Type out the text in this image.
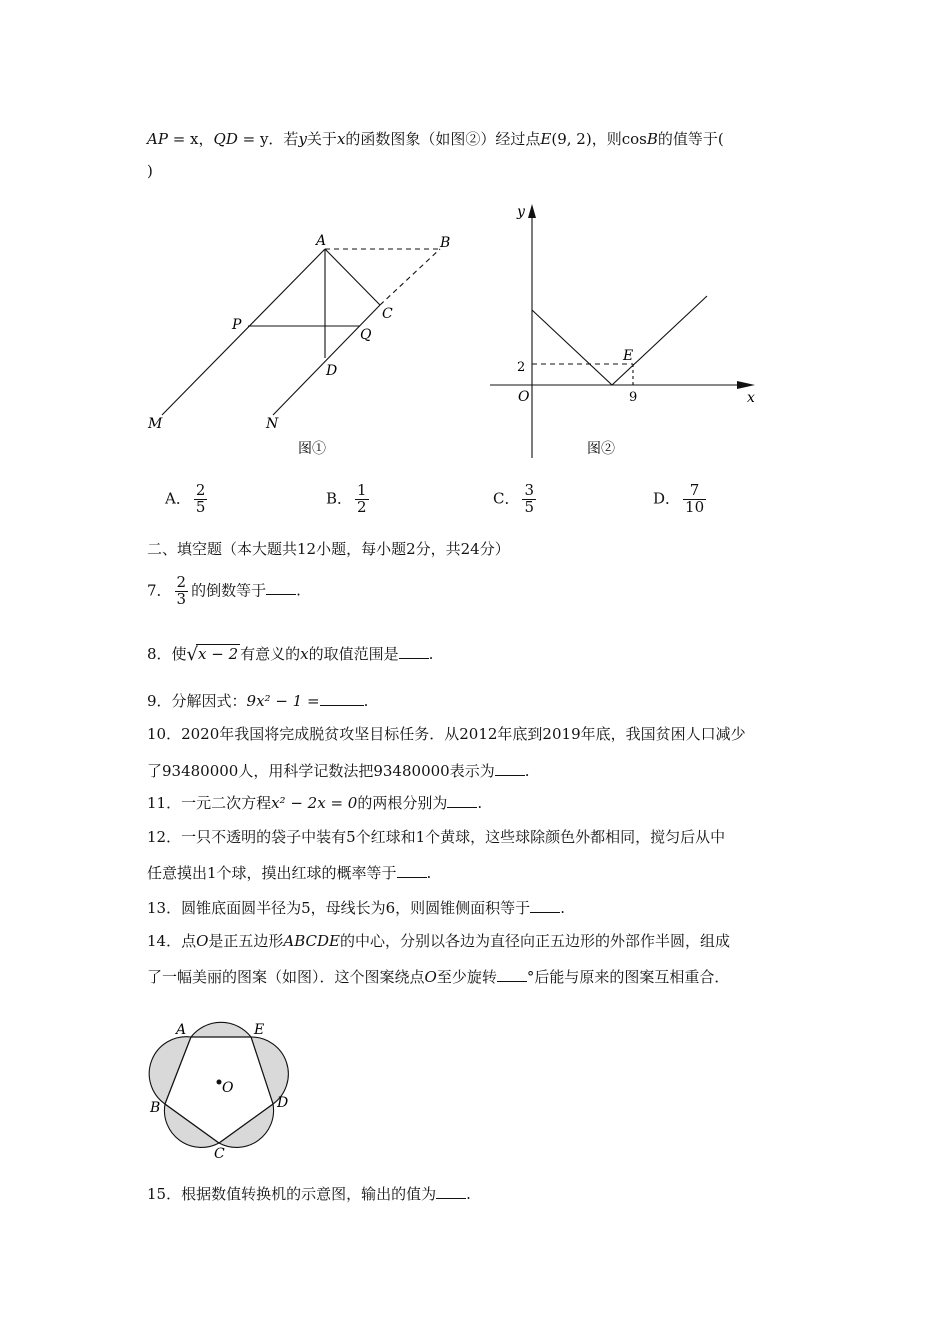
AP = x，QD = y．若y关于x的函数图象（如图②）经过点E(9, 2)，则cosB的值等于(
)
A	B
C
P
Q
D
M	N
图①
y
x
O
E
2
9
图②
A． $\frac{2}{5}$	B． $\frac{1}{2}$	C． $\frac{3}{5}$	D． $\frac{7}{10}$
二、填空题（本大题共12小题，每小题2分，共24分）
7． $\frac{2}{3}$ 的倒数等于 .
8．使√x − 2 有意义的x的取值范围是 .
9．分解因式：9x² − 1 =	.
10．2020年我国将完成脱贫攻坚目标任务．从2012年底到2019年底，我国贫困人口减少
了93480000人，用科学记数法把93480000表示为 .
11．一元二次方程x² − 2x = 0的两根分别为 .
12．一只不透明的袋子中装有5个红球和1个黄球，这些球除颜色外都相同，搅匀后从中
任意摸出1个球，摸出红球的概率等于 .
13．圆锥底面圆半径为5，母线长为6，则圆锥侧面积等于 .
14．点O是正五边形ABCDE的中心，分别以各边为直径向正五边形的外部作半圆，组成
了一幅美丽的图案（如图）．这个图案绕点O至少旋转 °后能与原来的图案互相重合．
O
A	E
B	D
C
15．根据数值转换机的示意图，输出的值为 .
